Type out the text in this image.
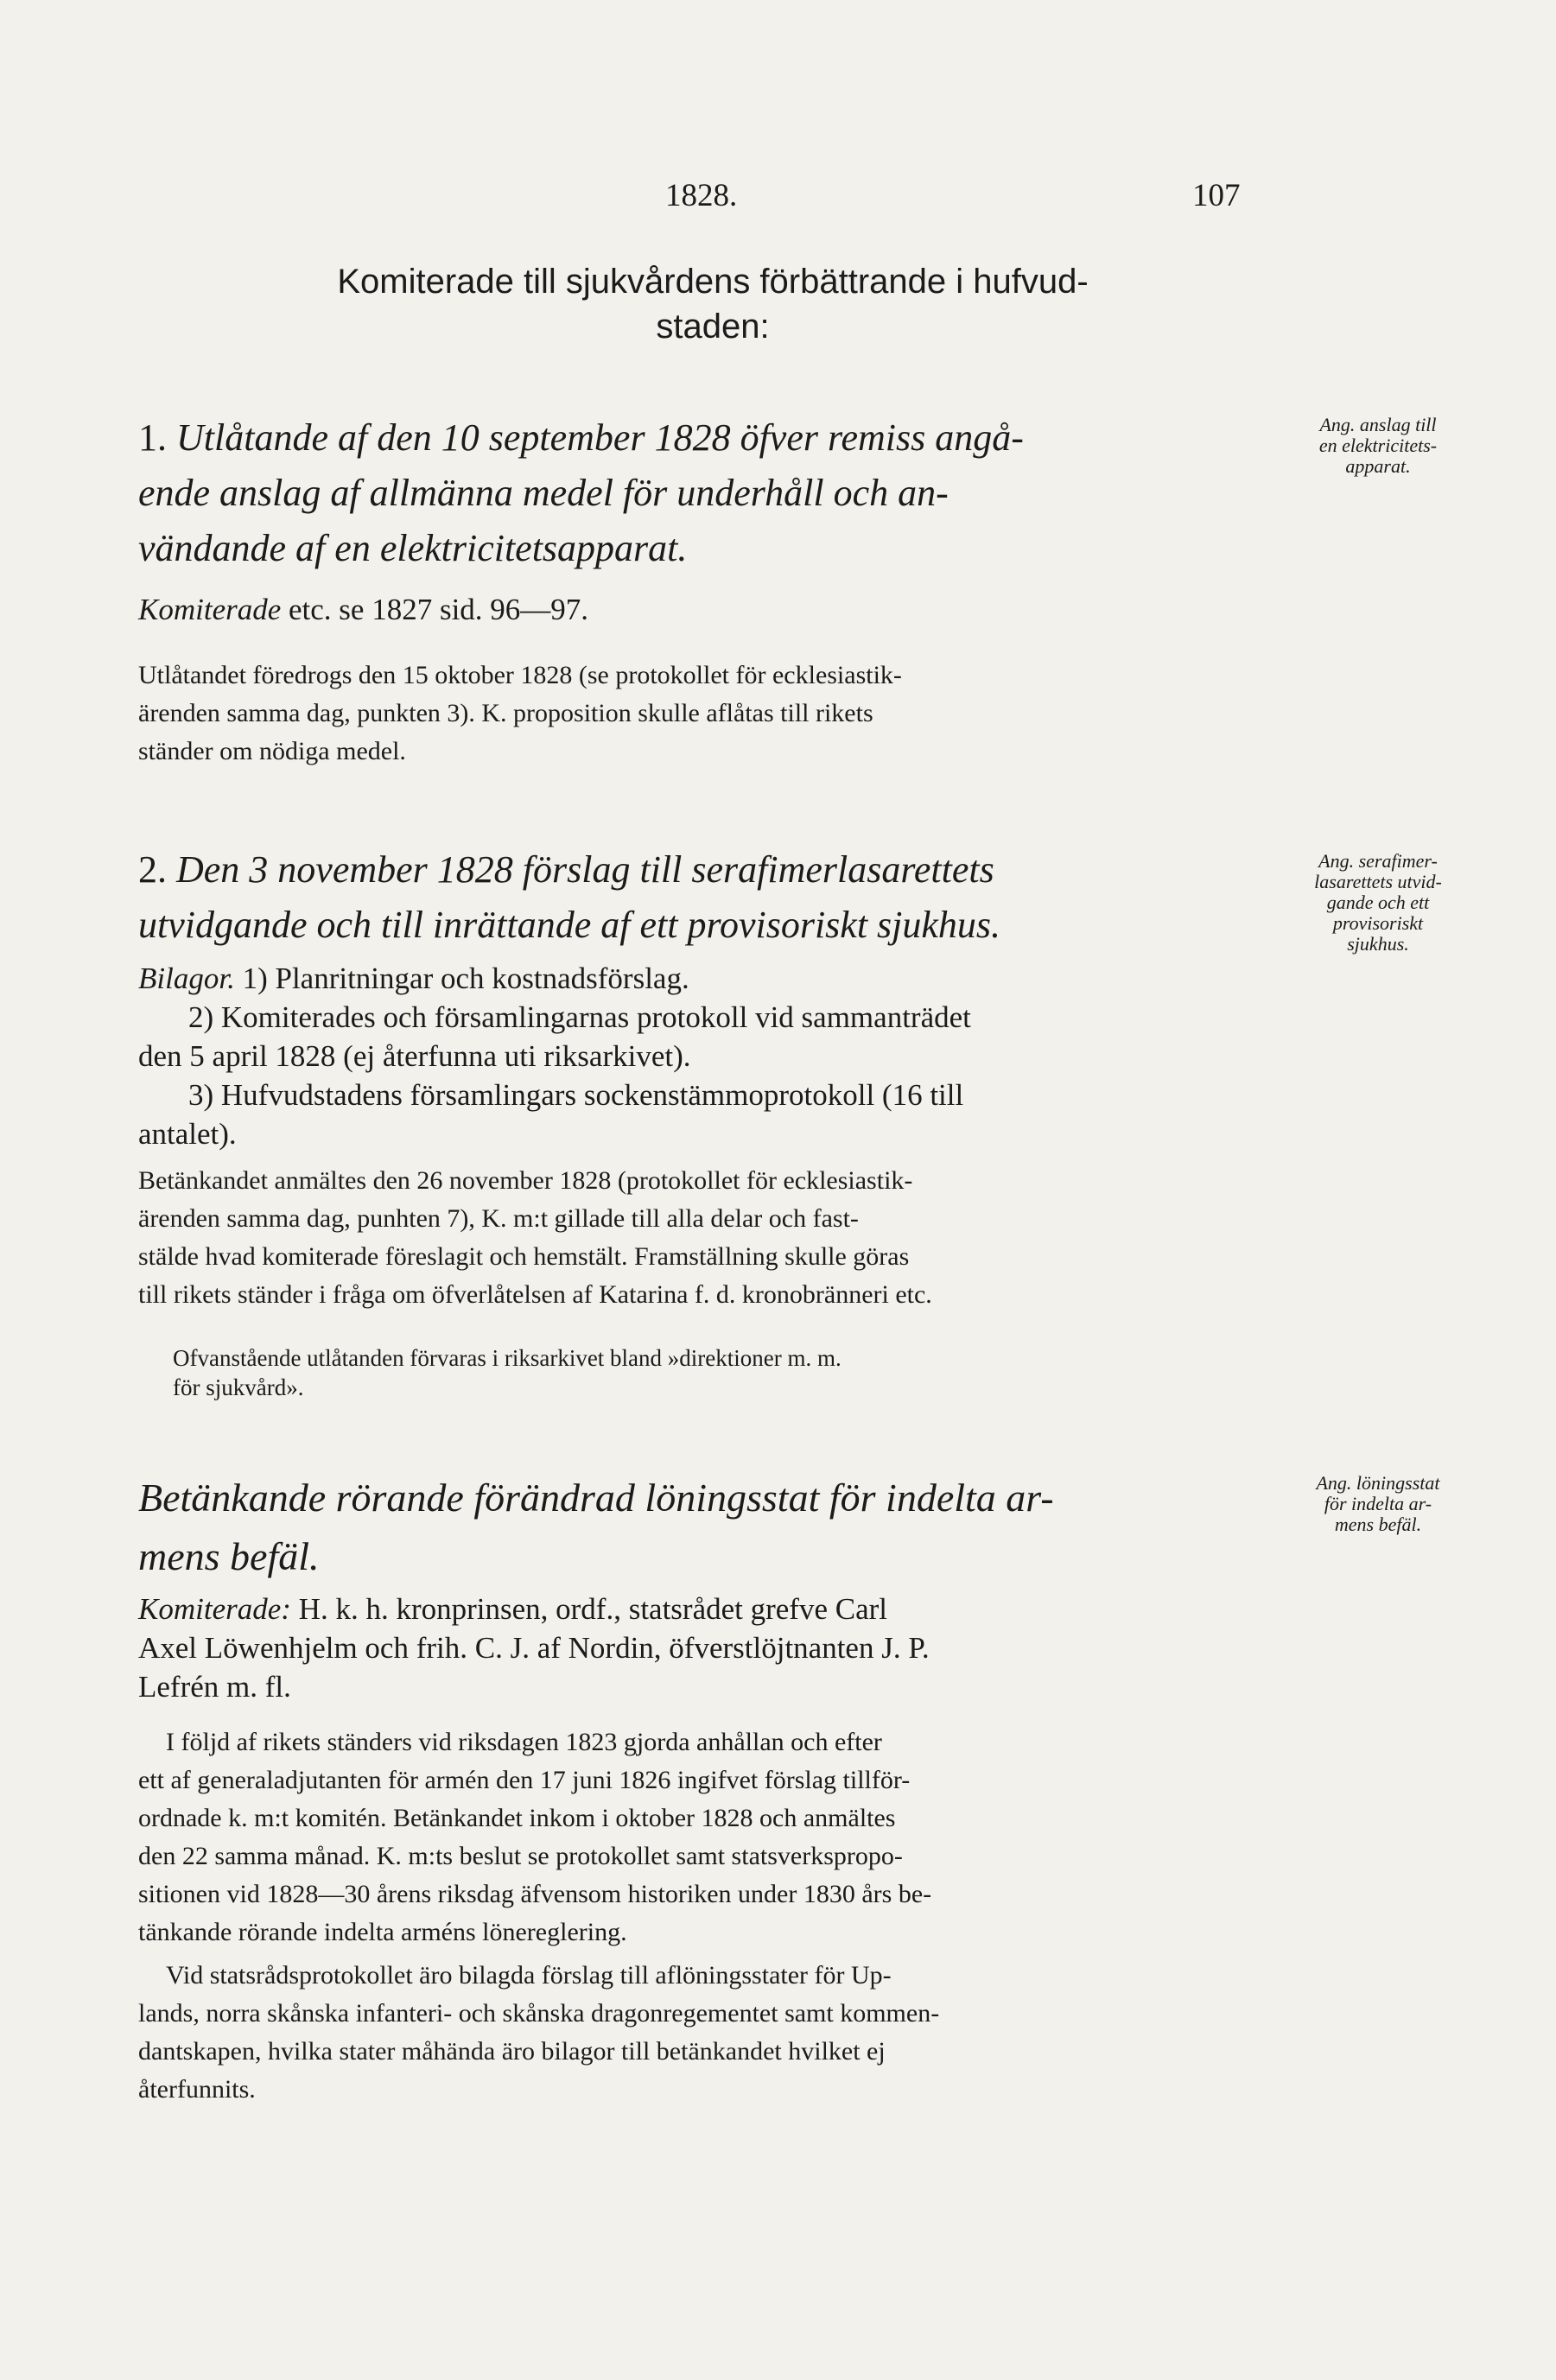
1828.	107

Komiterade till sjukvårdens förbättrande i hufvud-

staden:

1. Utlåtande af den 10 september 1828 öfver remiss angå-

ende anslag af allmänna medel för underhåll och an-

vändande af en elektricitetsapparat.

Ang. anslag till
en elektricitets-
apparat.

Komiterade etc. se 1827 sid. 96—97.

Utlåtandet föredrogs den 15 oktober 1828 (se protokollet för ecklesiastik-

ärenden samma dag, punkten 3). K. proposition skulle aflåtas till rikets

ständer om nödiga medel.

2. Den 3 november 1828 förslag till serafimerlasarettets

utvidgande och till inrättande af ett provisoriskt sjukhus.

Ang. serafimer-
lasarettets utvid-
gande och ett
provisoriskt
sjukhus.

Bilagor. 1) Planritningar och kostnadsförslag.

2) Komiterades och församlingarnas protokoll vid sammanträdet

den 5 april 1828 (ej återfunna uti riksarkivet).

3) Hufvudstadens församlingars sockenstämmoprotokoll (16 till

antalet).

Betänkandet anmältes den 26 november 1828 (protokollet för ecklesiastik-

ärenden samma dag, punhten 7), K. m:t gillade till alla delar och fast-

stälde hvad komiterade föreslagit och hemstält. Framställning skulle göras

till rikets ständer i fråga om öfverlåtelsen af Katarina f. d. kronobränneri etc.

Ofvanstående utlåtanden förvaras i riksarkivet bland »direktioner m. m.

för sjukvård».

Betänkande rörande förändrad löningsstat för indelta ar-

mens befäl.

Ang. löningsstat
för indelta ar-
mens befäl.

Komiterade: H. k. h. kronprinsen, ordf., statsrådet grefve Carl

Axel Löwenhjelm och frih. C. J. af Nordin, öfverstlöjtnanten J. P.

Lefrén m. fl.

I följd af rikets ständers vid riksdagen 1823 gjorda anhållan och efter

ett af generaladjutanten för armén den 17 juni 1826 ingifvet förslag tillför-

ordnade k. m:t komitén. Betänkandet inkom i oktober 1828 och anmältes

den 22 samma månad. K. m:ts beslut se protokollet samt statsverkspropo-

sitionen vid 1828—30 årens riksdag äfvensom historiken under 1830 års be-

tänkande rörande indelta arméns lönereglering.

Vid statsrådsprotokollet äro bilagda förslag till aflöningsstater för Up-

lands, norra skånska infanteri- och skånska dragonregementet samt kommen-

dantskapen, hvilka stater måhända äro bilagor till betänkandet hvilket ej

återfunnits.
